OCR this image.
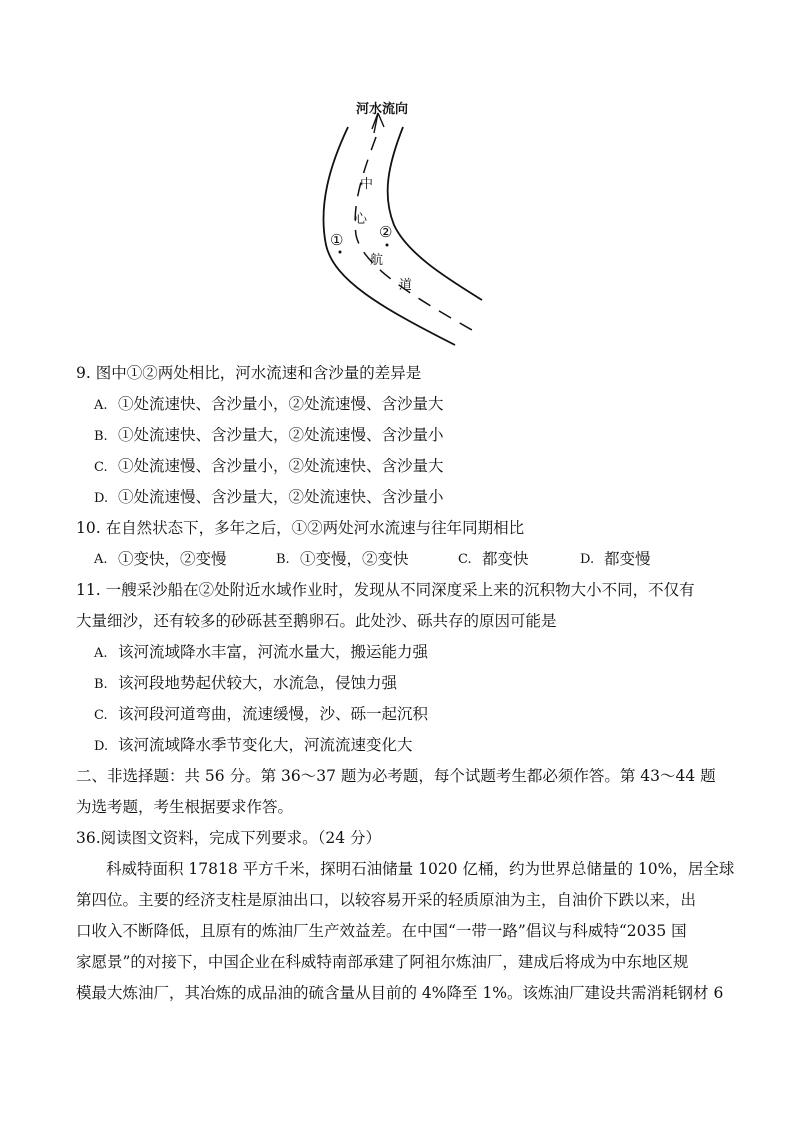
河水流向
中
心
航
道
① ②
9. 图中①②两处相比，河水流速和含沙量的差异是
A. ①处流速快、含沙量小，②处流速慢、含沙量大
B. ①处流速快、含沙量大，②处流速慢、含沙量小
C. ①处流速慢、含沙量小，②处流速快、含沙量大
D. ①处流速慢、含沙量大，②处流速快、含沙量小
10. 在自然状态下，多年之后，①②两处河水流速与往年同期相比
A. ①变快，②变慢	B. ①变慢，②变快	C. 都变快	D. 都变慢
11. 一艘采沙船在②处附近水域作业时，发现从不同深度采上来的沉积物大小不同，不仅有
大量细沙，还有较多的砂砾甚至鹅卵石。此处沙、砾共存的原因可能是
A. 该河流域降水丰富，河流水量大，搬运能力强
B. 该河段地势起伏较大，水流急，侵蚀力强
C. 该河段河道弯曲，流速缓慢，沙、砾一起沉积
D. 该河流域降水季节变化大，河流流速变化大
二、非选择题：共 56 分。第 36～37 题为必考题，每个试题考生都必须作答。第 43～44 题
为选考题，考生根据要求作答。
36.阅读图文资料，完成下列要求。（24 分）
科威特面积 17818 平方千米，探明石油储量 1020 亿桶，约为世界总储量的 10%，居全球
第四位。主要的经济支柱是原油出口，以较容易开采的轻质原油为主，自油价下跌以来，出
口收入不断降低，且原有的炼油厂生产效益差。在中国“一带一路”倡议与科威特“2035 国
家愿景”的对接下，中国企业在科威特南部承建了阿祖尔炼油厂，建成后将成为中东地区规
模最大炼油厂，其冶炼的成品油的硫含量从目前的 4%降至 1%。该炼油厂建设共需消耗钢材 6
